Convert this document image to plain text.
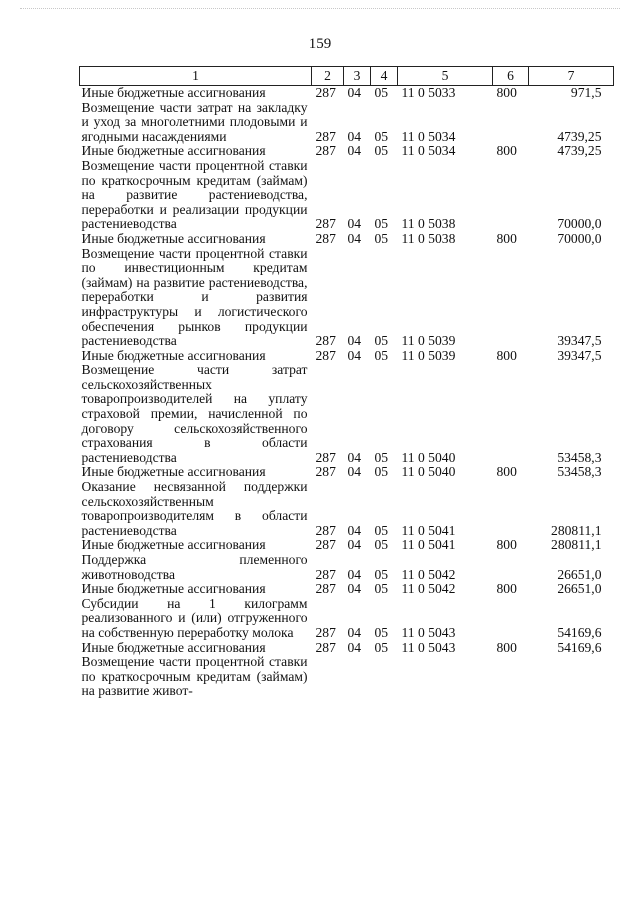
159
1	2	3	4	5	6	7
Иные бюджетные ассигнования	287	04	05	11 0 5033	800	971,5
Возмещение части затрат на закладку и уход за многолетними плодовыми и ягодными насаждениями	287	04	05	11 0 5034		4739,25
Иные бюджетные ассигнования	287	04	05	11 0 5034	800	4739,25
Возмещение части процентной ставки по краткосрочным кредитам (займам) на развитие растениеводства, переработки и реализации продукции растениеводства	287	04	05	11 0 5038		70000,0
Иные бюджетные ассигнования	287	04	05	11 0 5038	800	70000,0
Возмещение части процентной ставки по инвестиционным кредитам (займам) на развитие растениеводства, переработки и развития инфраструктуры и логистического обеспечения рынков продукции растениеводства	287	04	05	11 0 5039		39347,5
Иные бюджетные ассигнования	287	04	05	11 0 5039	800	39347,5
Возмещение части затрат сельскохозяйственных товаропроизводителей на уплату страховой премии, начисленной по договору сельскохозяйственного страхования в области растениеводства	287	04	05	11 0 5040		53458,3
Иные бюджетные ассигнования	287	04	05	11 0 5040	800	53458,3
Оказание несвязанной поддержки сельскохозяйственным товаропроизводителям в области растениеводства	287	04	05	11 0 5041		280811,1
Иные бюджетные ассигнования	287	04	05	11 0 5041	800	280811,1
Поддержка племенного животноводства	287	04	05	11 0 5042		26651,0
Иные бюджетные ассигнования	287	04	05	11 0 5042	800	26651,0
Субсидии на 1 килограмм реализованного и (или) отгруженного на собственную переработку молока	287	04	05	11 0 5043		54169,6
Иные бюджетные ассигнования	287	04	05	11 0 5043	800	54169,6
Возмещение части процентной ставки по краткосрочным кредитам (займам) на развитие живот-						
